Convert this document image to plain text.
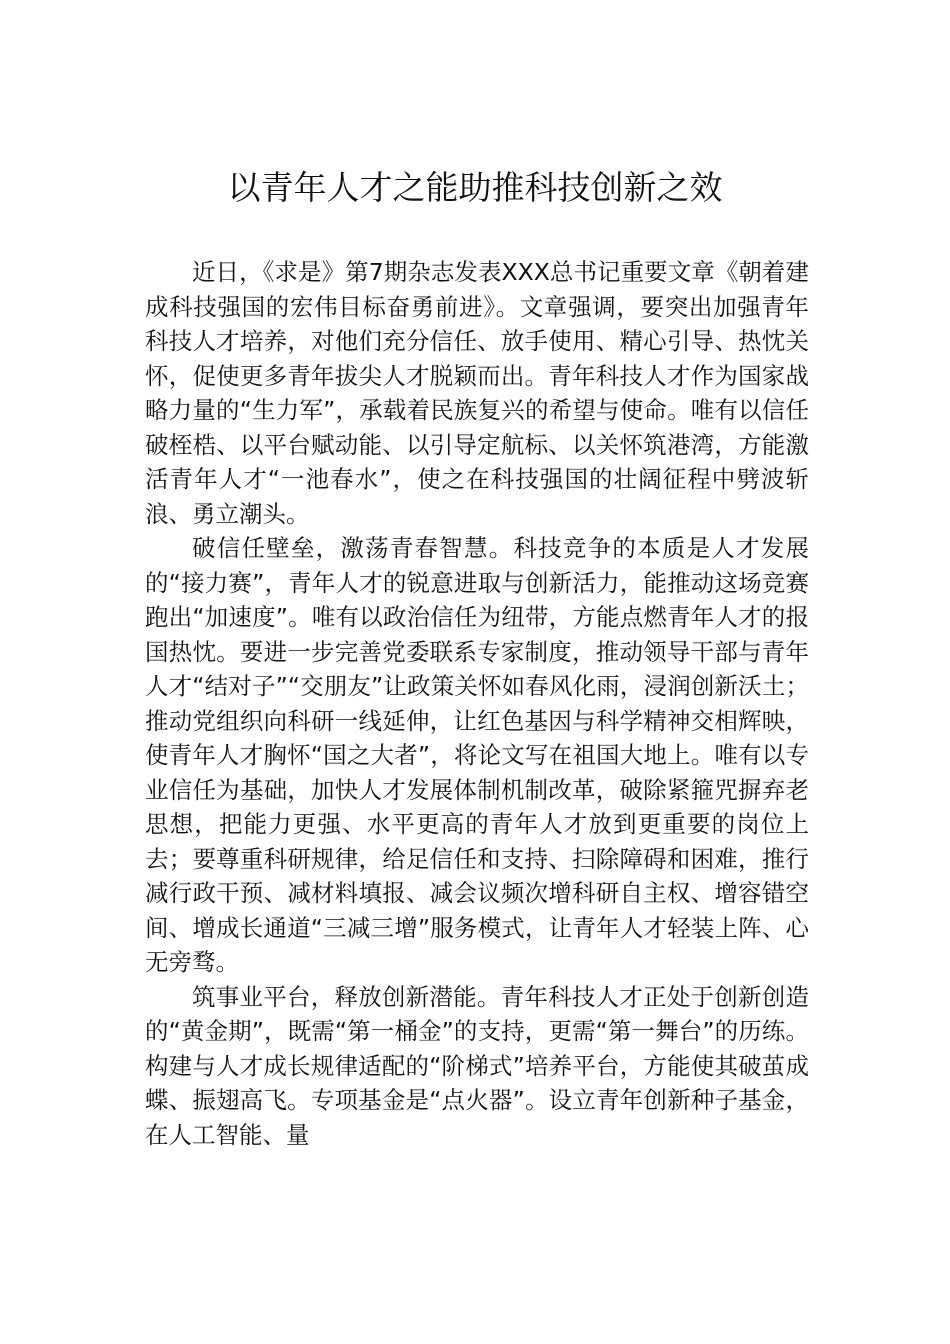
以青年人才之能助推科技创新之效

近日，《求是》第7期杂志发表XXX总书记重要文章《朝着建成科技强国的宏伟目标奋勇前进》。文章强调，要突出加强青年科技人才培养，对他们充分信任、放手使用、精心引导、热忱关怀，促使更多青年拔尖人才脱颖而出。青年科技人才作为国家战略力量的“生力军”，承载着民族复兴的希望与使命。唯有以信任破桎梏、以平台赋动能、以引导定航标、以关怀筑港湾，方能激活青年人才“一池春水”，使之在科技强国的壮阔征程中劈波斩浪、勇立潮头。

破信任壁垒，激荡青春智慧。科技竞争的本质是人才发展的“接力赛”，青年人才的锐意进取与创新活力，能推动这场竞赛跑出“加速度”。唯有以政治信任为纽带，方能点燃青年人才的报国热忱。要进一步完善党委联系专家制度，推动领导干部与青年人才“结对子”“交朋友”让政策关怀如春风化雨，浸润创新沃土；推动党组织向科研一线延伸，让红色基因与科学精神交相辉映，使青年人才胸怀“国之大者”，将论文写在祖国大地上。唯有以专业信任为基础，加快人才发展体制机制改革，破除紧箍咒摒弃老思想，把能力更强、水平更高的青年人才放到更重要的岗位上去；要尊重科研规律，给足信任和支持、扫除障碍和困难，推行减行政干预、减材料填报、减会议频次增科研自主权、增容错空间、增成长通道“三减三增”服务模式，让青年人才轻装上阵、心无旁骛。

筑事业平台，释放创新潜能。青年科技人才正处于创新创造的“黄金期”，既需“第一桶金”的支持，更需“第一舞台”的历练。构建与人才成长规律适配的“阶梯式”培养平台，方能使其破茧成蝶、振翅高飞。专项基金是“点火器”。设立青年创新种子基金，在人工智能、量
